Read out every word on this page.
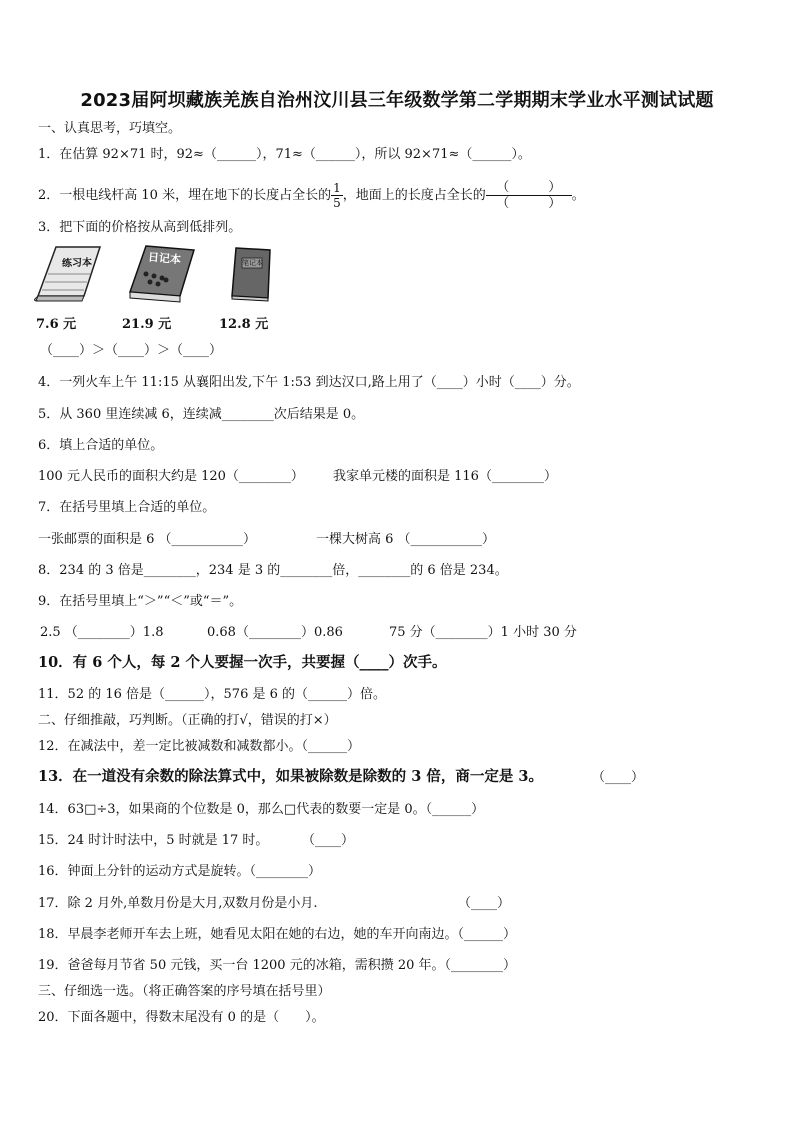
2023届阿坝藏族羌族自治州汶川县三年级数学第二学期期末学业水平测试试题
一、认真思考，巧填空。
1．在估算 92×71 时，92≈（______），71≈（______），所以 92×71≈（______）。
2．一根电线杆高 10 米，埋在地下的长度占全长的 $\frac{1}{5}$ ，地面上的长度占全长的
（　　　）
（　　　）。
3．把下面的价格按从高到低排列。
练习本	日记本	笔记本
7.6 元	21.9 元	12.8 元
（____）＞（____）＞（____）
4．一列火车上午 11:15 从襄阳出发,下午 1:53 到达汉口,路上用了（____）小时（____）分。
5．从 360 里连续减 6，连续减________次后结果是 0。
6．填上合适的单位。
100 元人民币的面积大约是 120（________） 我家单元楼的面积是 116（________）
7．在括号里填上合适的单位。
一张邮票的面积是 6 （___________）	一棵大树高 6 （___________）
8．234 的 3 倍是________，234 是 3 的________倍，________的 6 倍是 234。
9．在括号里填上“＞”“＜”或“＝”。
2.5 （________）1.8	0.68（________）0.86	75 分（________）1 小时 30 分
10．有 6 个人，每 2 个人要握一次手，共要握（____）次手。
11．52 的 16 倍是（______），576 是 6 的（______）倍。
二、仔细推敲，巧判断。（正确的打√，错误的打×）
12．在减法中，差一定比被减数和减数都小。（______）
13．在一道没有余数的除法算式中，如果被除数是除数的 3 倍，商一定是 3。	（____）
14．63□÷3，如果商的个位数是 0，那么□代表的数要一定是 0。（______）
15．24 时计时法中，5 时就是 17 时。	（____）
16．钟面上分针的运动方式是旋转。（________）
17．除 2 月外,单数月份是大月,双数月份是小月.	（____）
18．早晨李老师开车去上班，她看见太阳在她的右边，她的车开向南边。（______）
19．爸爸每月节省 50 元钱，买一台 1200 元的冰箱，需积攒 20 年。（________）
三、仔细选一选。（将正确答案的序号填在括号里）
20．下面各题中，得数末尾没有 0 的是（　　）。
